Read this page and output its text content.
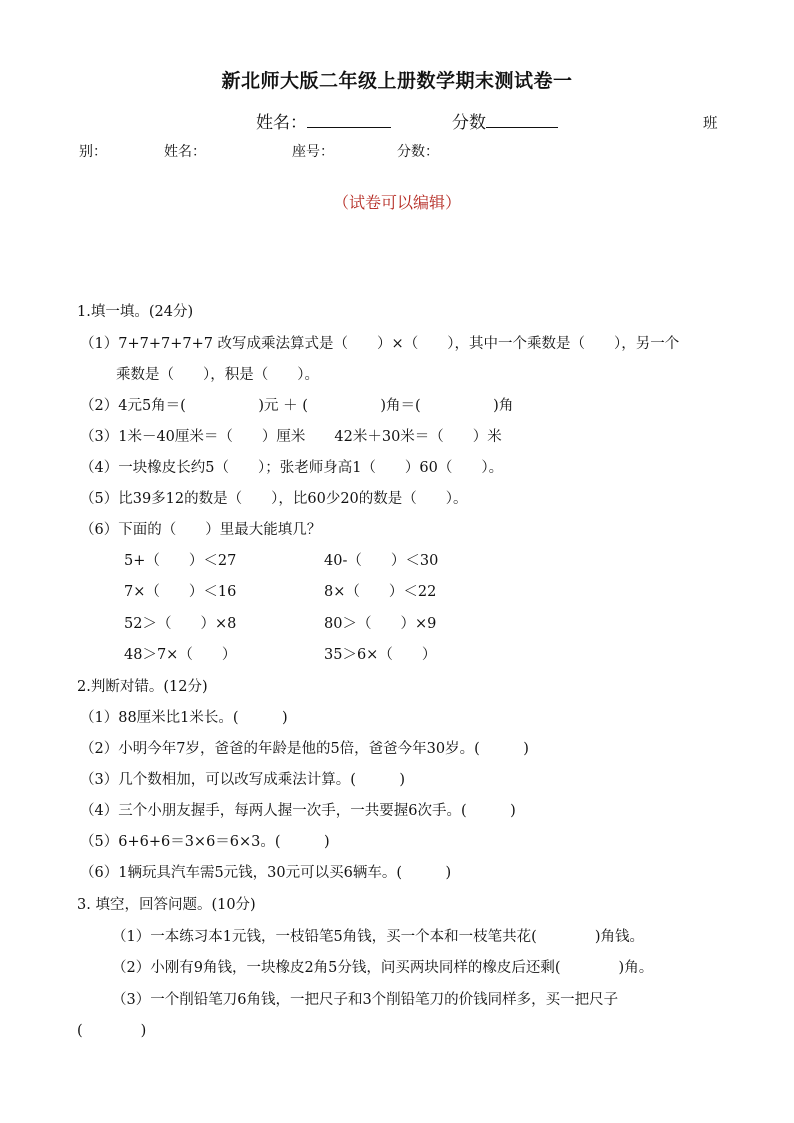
新北师大版二年级上册数学期末测试卷一
姓名：	分数	班
别：	姓名：	座号：	分数：
（试卷可以编辑）
1.填一填。(24分)
（1）7+7+7+7+7 改写成乘法算式是（　　）×（　　），其中一个乘数是（　　），另一个
乘数是（　　），积是（　　）。
（2）4元5角＝(　　　　　)元 ＋ (　　　　　)角＝(　　　　　)角
（3）1米－40厘米＝（　　）厘米　　42米＋30米＝（　　）米
（4）一块橡皮长约5（　　）；张老师身高1（　　）60（　　）。
（5）比39多12的数是（　　），比60少20的数是（　　）。
（6）下面的（　　）里最大能填几？
5+（　　）＜27	40-（　　）＜30
7×（　　）＜16	8×（　　）＜22
52＞（　　）×8	80＞（　　）×9
48＞7×（　　）	35＞6×（　　）
2.判断对错。(12分)
（1）88厘米比1米长。(　　　)
（2）小明今年7岁，爸爸的年龄是他的5倍，爸爸今年30岁。(　　　)
（3）几个数相加，可以改写成乘法计算。(　　　)
（4）三个小朋友握手，每两人握一次手，一共要握6次手。(　　　)
（5）6+6+6＝3×6＝6×3。(　　　)
（6）1辆玩具汽车需5元钱，30元可以买6辆车。(　　　)
3. 填空，回答问题。(10分)
（1）一本练习本1元钱，一枝铅笔5角钱，买一个本和一枝笔共花(　　　　)角钱。
（2）小刚有9角钱，一块橡皮2角5分钱，问买两块同样的橡皮后还剩(　　　　)角。
（3）一个削铅笔刀6角钱，一把尺子和3个削铅笔刀的价钱同样多，买一把尺子
(　　　　)
